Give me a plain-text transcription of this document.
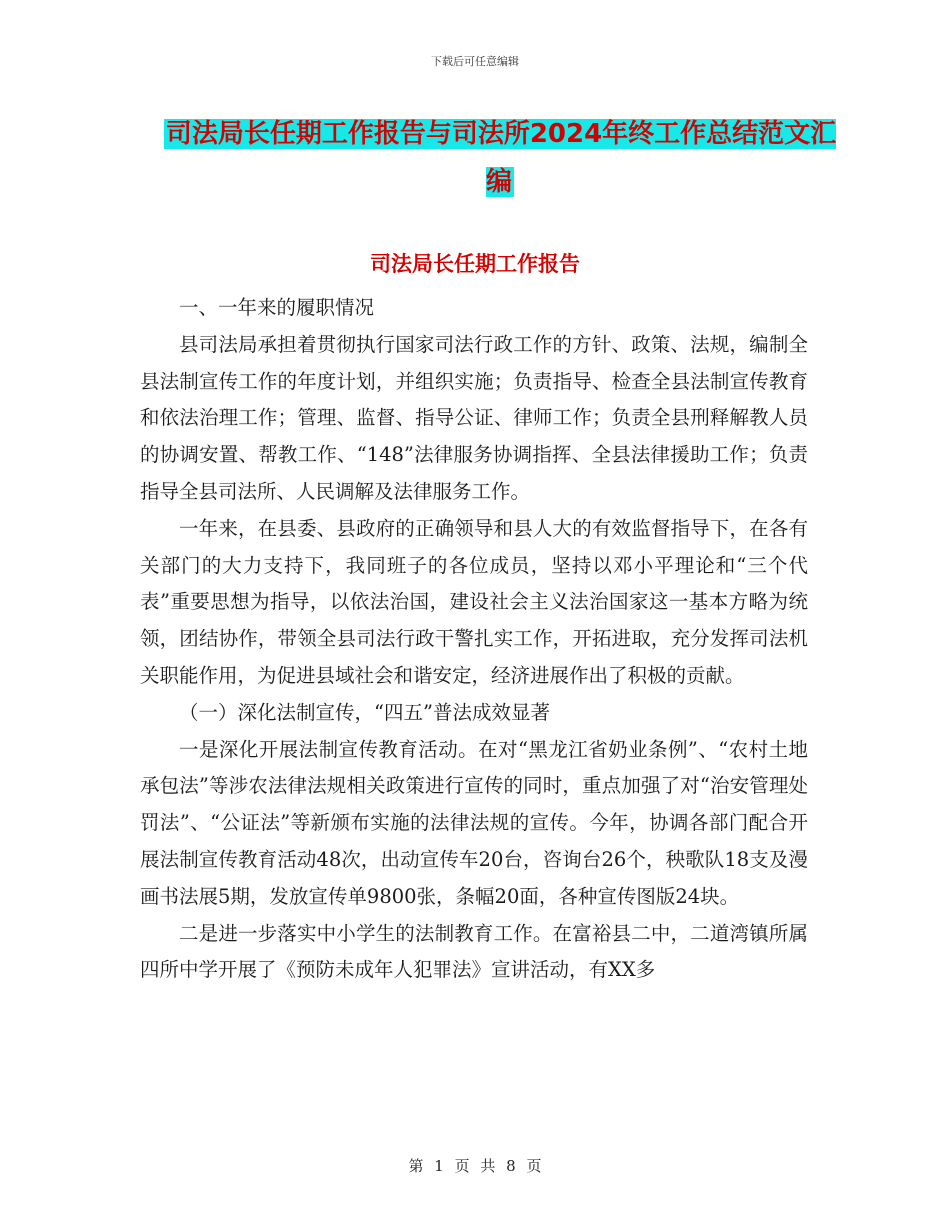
下载后可任意编辑
司法局长任期工作报告与司法所2024年终工作总结范文汇编
司法局长任期工作报告

一、一年来的履职情况

县司法局承担着贯彻执行国家司法行政工作的方针、政策、法规，编制全县法制宣传工作的年度计划，并组织实施；负责指导、检查全县法制宣传教育和依法治理工作；管理、监督、指导公证、律师工作；负责全县刑释解教人员的协调安置、帮教工作、“148”法律服务协调指挥、全县法律援助工作；负责指导全县司法所、人民调解及法律服务工作。

一年来，在县委、县政府的正确领导和县人大的有效监督指导下，在各有关部门的大力支持下，我同班子的各位成员，坚持以邓小平理论和“三个代表”重要思想为指导，以依法治国，建设社会主义法治国家这一基本方略为统领，团结协作，带领全县司法行政干警扎实工作，开拓进取，充分发挥司法机关职能作用，为促进县域社会和谐安定，经济进展作出了积极的贡献。

（一）深化法制宣传，“四五”普法成效显著

一是深化开展法制宣传教育活动。在对“黑龙江省奶业条例”、“农村土地承包法”等涉农法律法规相关政策进行宣传的同时，重点加强了对“治安管理处罚法”、“公证法”等新颁布实施的法律法规的宣传。今年，协调各部门配合开展法制宣传教育活动48次，出动宣传车20台，咨询台26个，秧歌队18支及漫画书法展5期，发放宣传单9800张，条幅20面，各种宣传图版24块。

二是进一步落实中小学生的法制教育工作。在富裕县二中，二道湾镇所属四所中学开展了《预防未成年人犯罪法》宣讲活动，有XX多

第 1 页 共 8 页
